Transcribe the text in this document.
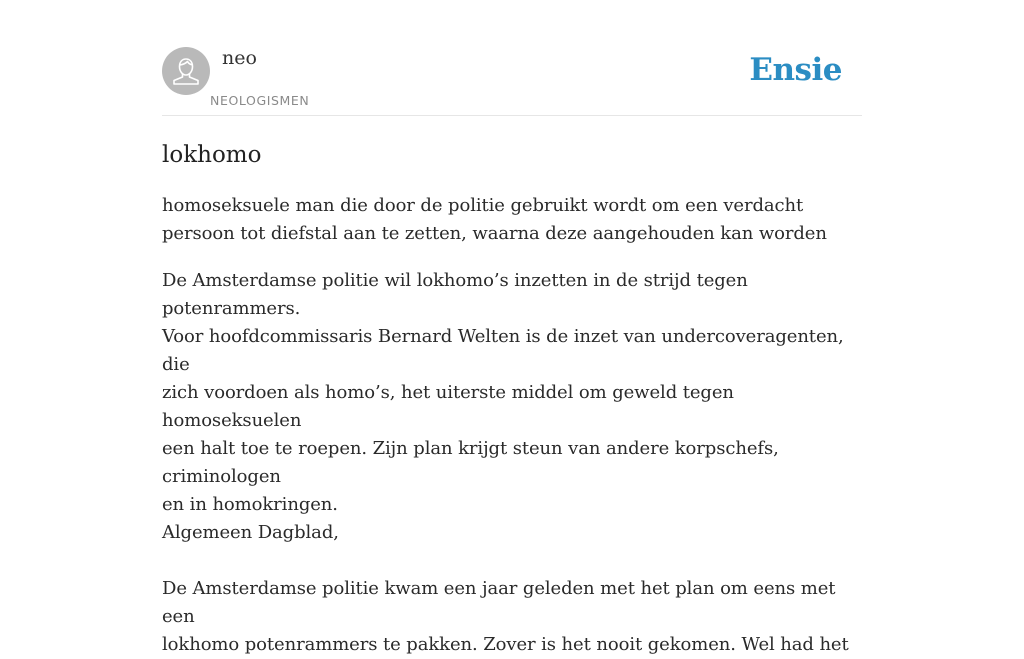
neo
NEOLOGISMEN
Ensie
lokhomo

homoseksuele man die door de politie gebruikt wordt om een verdacht persoon tot diefstal aan te zetten, waarna deze aangehouden kan worden

De Amsterdamse politie wil lokhomo’s inzetten in de strijd tegen potenrammers.
Voor hoofdcommissaris Bernard Welten is de inzet van undercoveragenten, die
zich voordoen als homo’s, het uiterste middel om geweld tegen homoseksuelen
een halt toe te roepen. Zijn plan krijgt steun van andere korpschefs, criminologen
en in homokringen.
Algemeen Dagblad,
De Amsterdamse politie kwam een jaar geleden met het plan om eens met een
lokhomo potenrammers te pakken. Zover is het nooit gekomen. Wel had het
